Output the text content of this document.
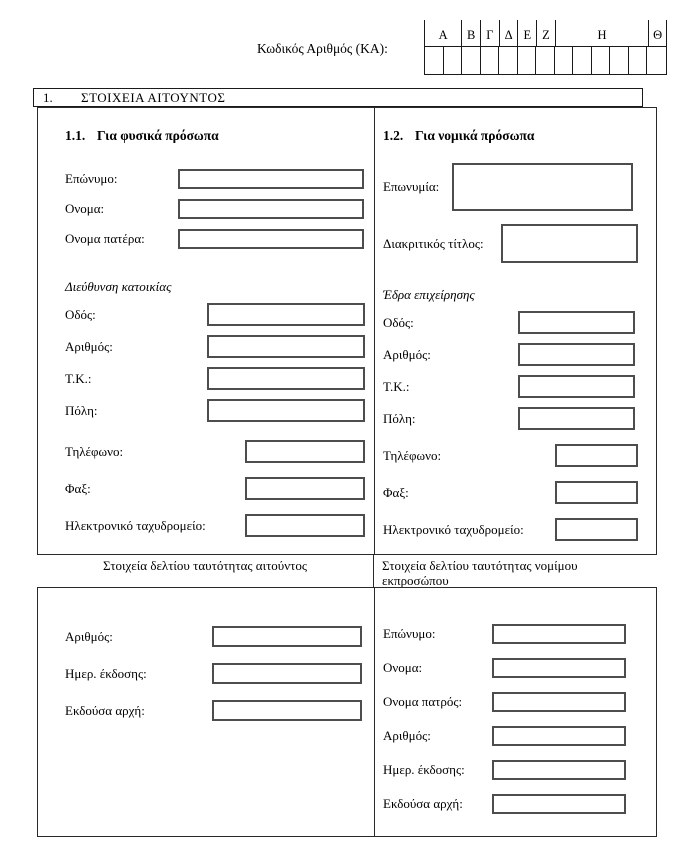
Κωδικός Αριθμός (ΚΑ):
Α	Β Γ Δ Ε Ζ	Η	Θ
1.	ΣΤΟΙΧΕΙΑ ΑΙΤΟΥΝΤΟΣ
1.1. Για φυσικά πρόσωπα
Επώνυμο:
Ονομα:
Ονομα πατέρα:
Διεύθυνση κατοικίας
Οδός:
Αριθμός:
Τ.Κ.:
Πόλη:
Τηλέφωνο:
Φαξ:
Ηλεκτρονικό ταχυδρομείο:
1.2. Για νομικά πρόσωπα
Επωνυμία:
Διακριτικός τίτλος:
Έδρα επιχείρησης
Οδός:
Αριθμός:
Τ.Κ.:
Πόλη:
Τηλέφωνο:
Φαξ:
Ηλεκτρονικό ταχυδρομείο:
Στοιχεία δελτίου ταυτότητας αιτούντος	Στοιχεία δελτίου ταυτότητας νομίμου εκπροσώπου
Αριθμός:
Ημερ. έκδοσης:
Εκδούσα αρχή:
Επώνυμο:
Ονομα:
Ονομα πατρός:
Αριθμός:
Ημερ. έκδοσης:
Εκδούσα αρχή:
